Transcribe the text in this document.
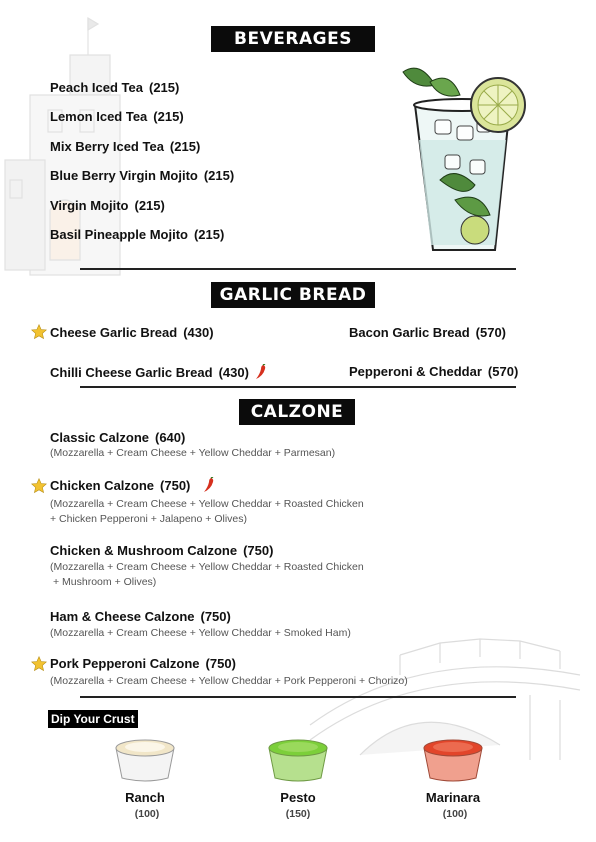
BEVERAGES
Peach Iced Tea (215)
Lemon Iced Tea (215)
Mix Berry Iced Tea (215)
Blue Berry Virgin Mojito (215)
Virgin Mojito (215)
Basil Pineapple Mojito (215)
GARLIC BREAD
Cheese Garlic Bread (430)	Bacon Garlic Bread (570)
Chilli Cheese Garlic Bread (430)	Pepperoni & Cheddar (570)
CALZONE
Classic Calzone (640)
(Mozzarella + Cream Cheese + Yellow Cheddar + Parmesan)
Chicken Calzone (750)
(Mozzarella + Cream Cheese + Yellow Cheddar + Roasted Chicken
+ Chicken Pepperoni + Jalapeno + Olives)
Chicken & Mushroom Calzone (750)
(Mozzarella + Cream Cheese + Yellow Cheddar + Roasted Chicken
+ Mushroom + Olives)
Ham & Cheese Calzone (750)
(Mozzarella + Cream Cheese + Yellow Cheddar + Smoked Ham)
Pork Pepperoni Calzone (750)
(Mozzarella + Cream Cheese + Yellow Cheddar + Pork Pepperoni + Chorizo)
Dip Your Crust
Ranch
(100)
Pesto
(150)
Marinara
(100)
